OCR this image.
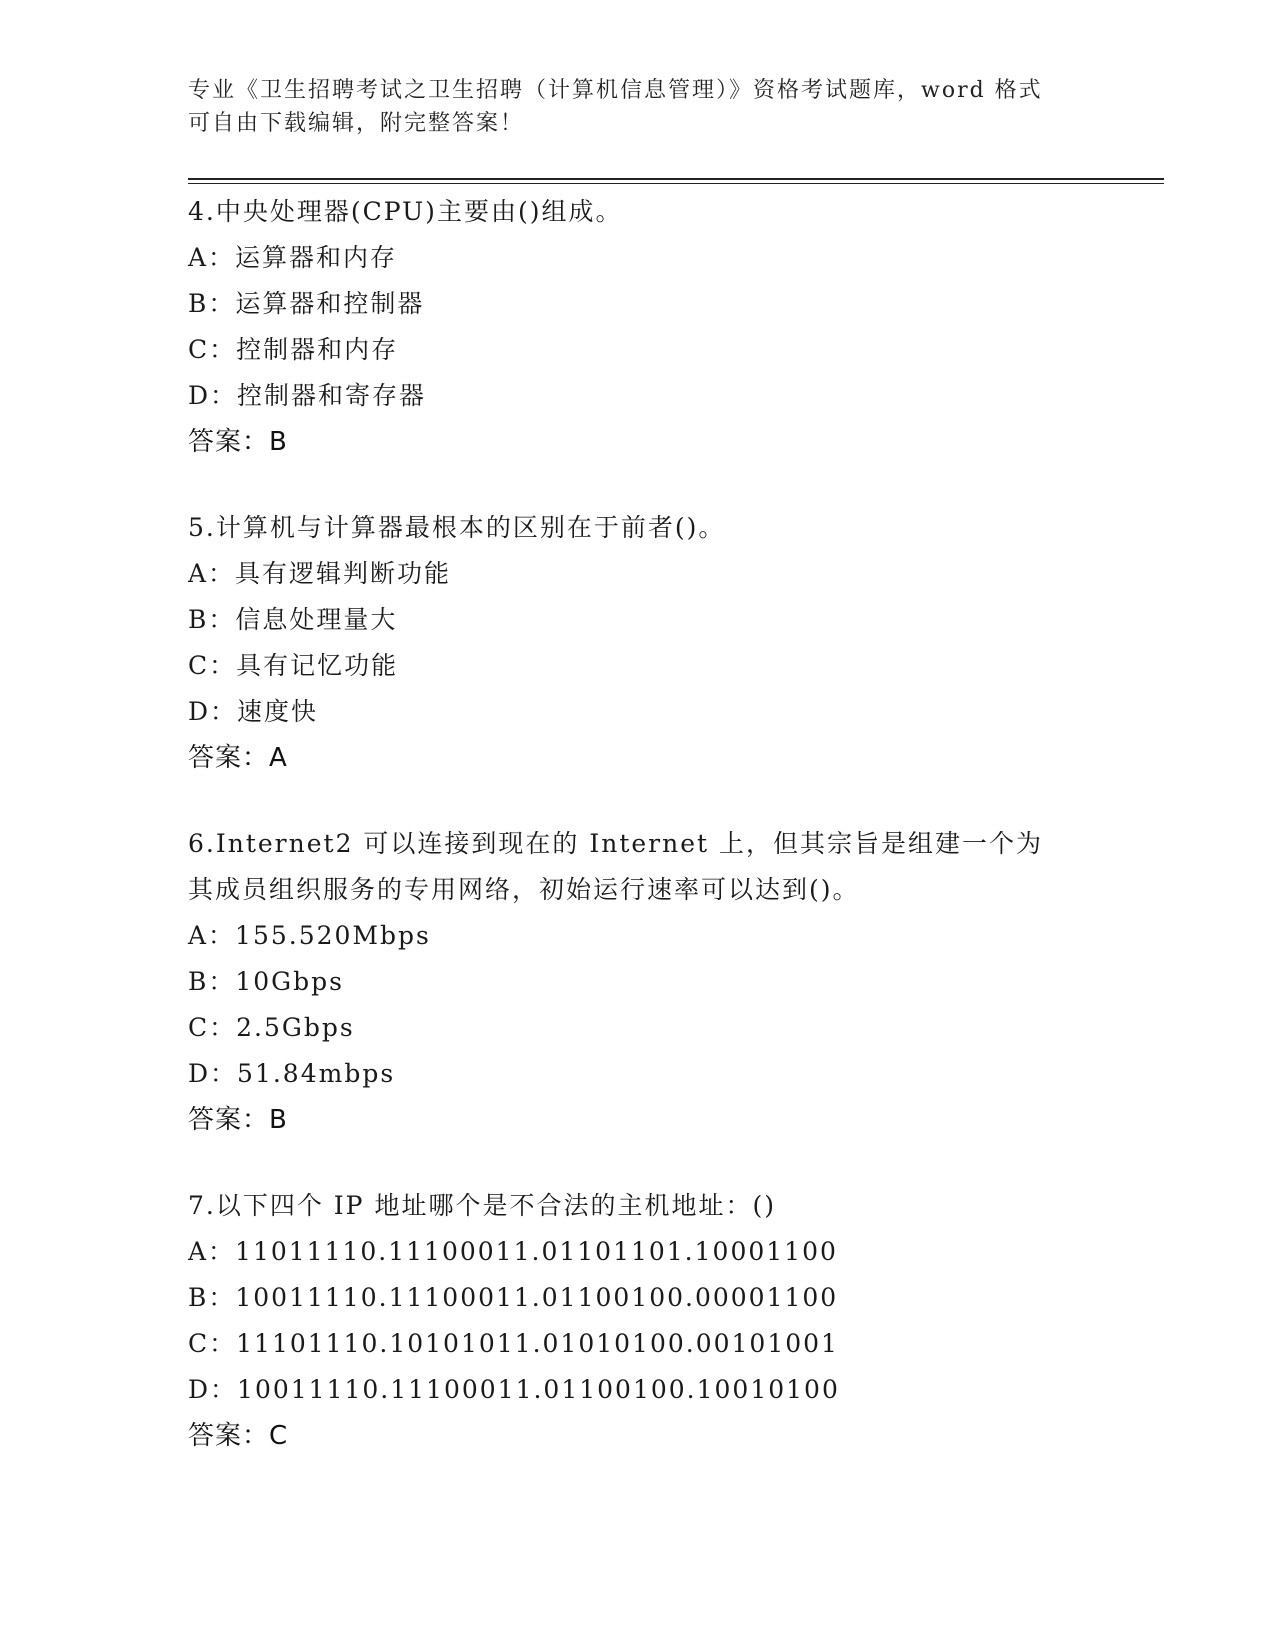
专业《卫生招聘考试之卫生招聘（计算机信息管理）》资格考试题库，word 格式
可自由下载编辑，附完整答案！
4.中央处理器(CPU)主要由()组成。
A：运算器和内存
B：运算器和控制器
C：控制器和内存
D：控制器和寄存器
答案：B
5.计算机与计算器最根本的区别在于前者()。
A：具有逻辑判断功能
B：信息处理量大
C：具有记忆功能
D：速度快
答案：A
6.Internet2 可以连接到现在的 Internet 上，但其宗旨是组建一个为
其成员组织服务的专用网络，初始运行速率可以达到()。
A：155.520Mbps
B：10Gbps
C：2.5Gbps
D：51.84mbps
答案：B
7.以下四个 IP 地址哪个是不合法的主机地址：()
A：11011110.11100011.01101101.10001100
B：10011110.11100011.01100100.00001100
C：11101110.10101011.01010100.00101001
D：10011110.11100011.01100100.10010100
答案：C
